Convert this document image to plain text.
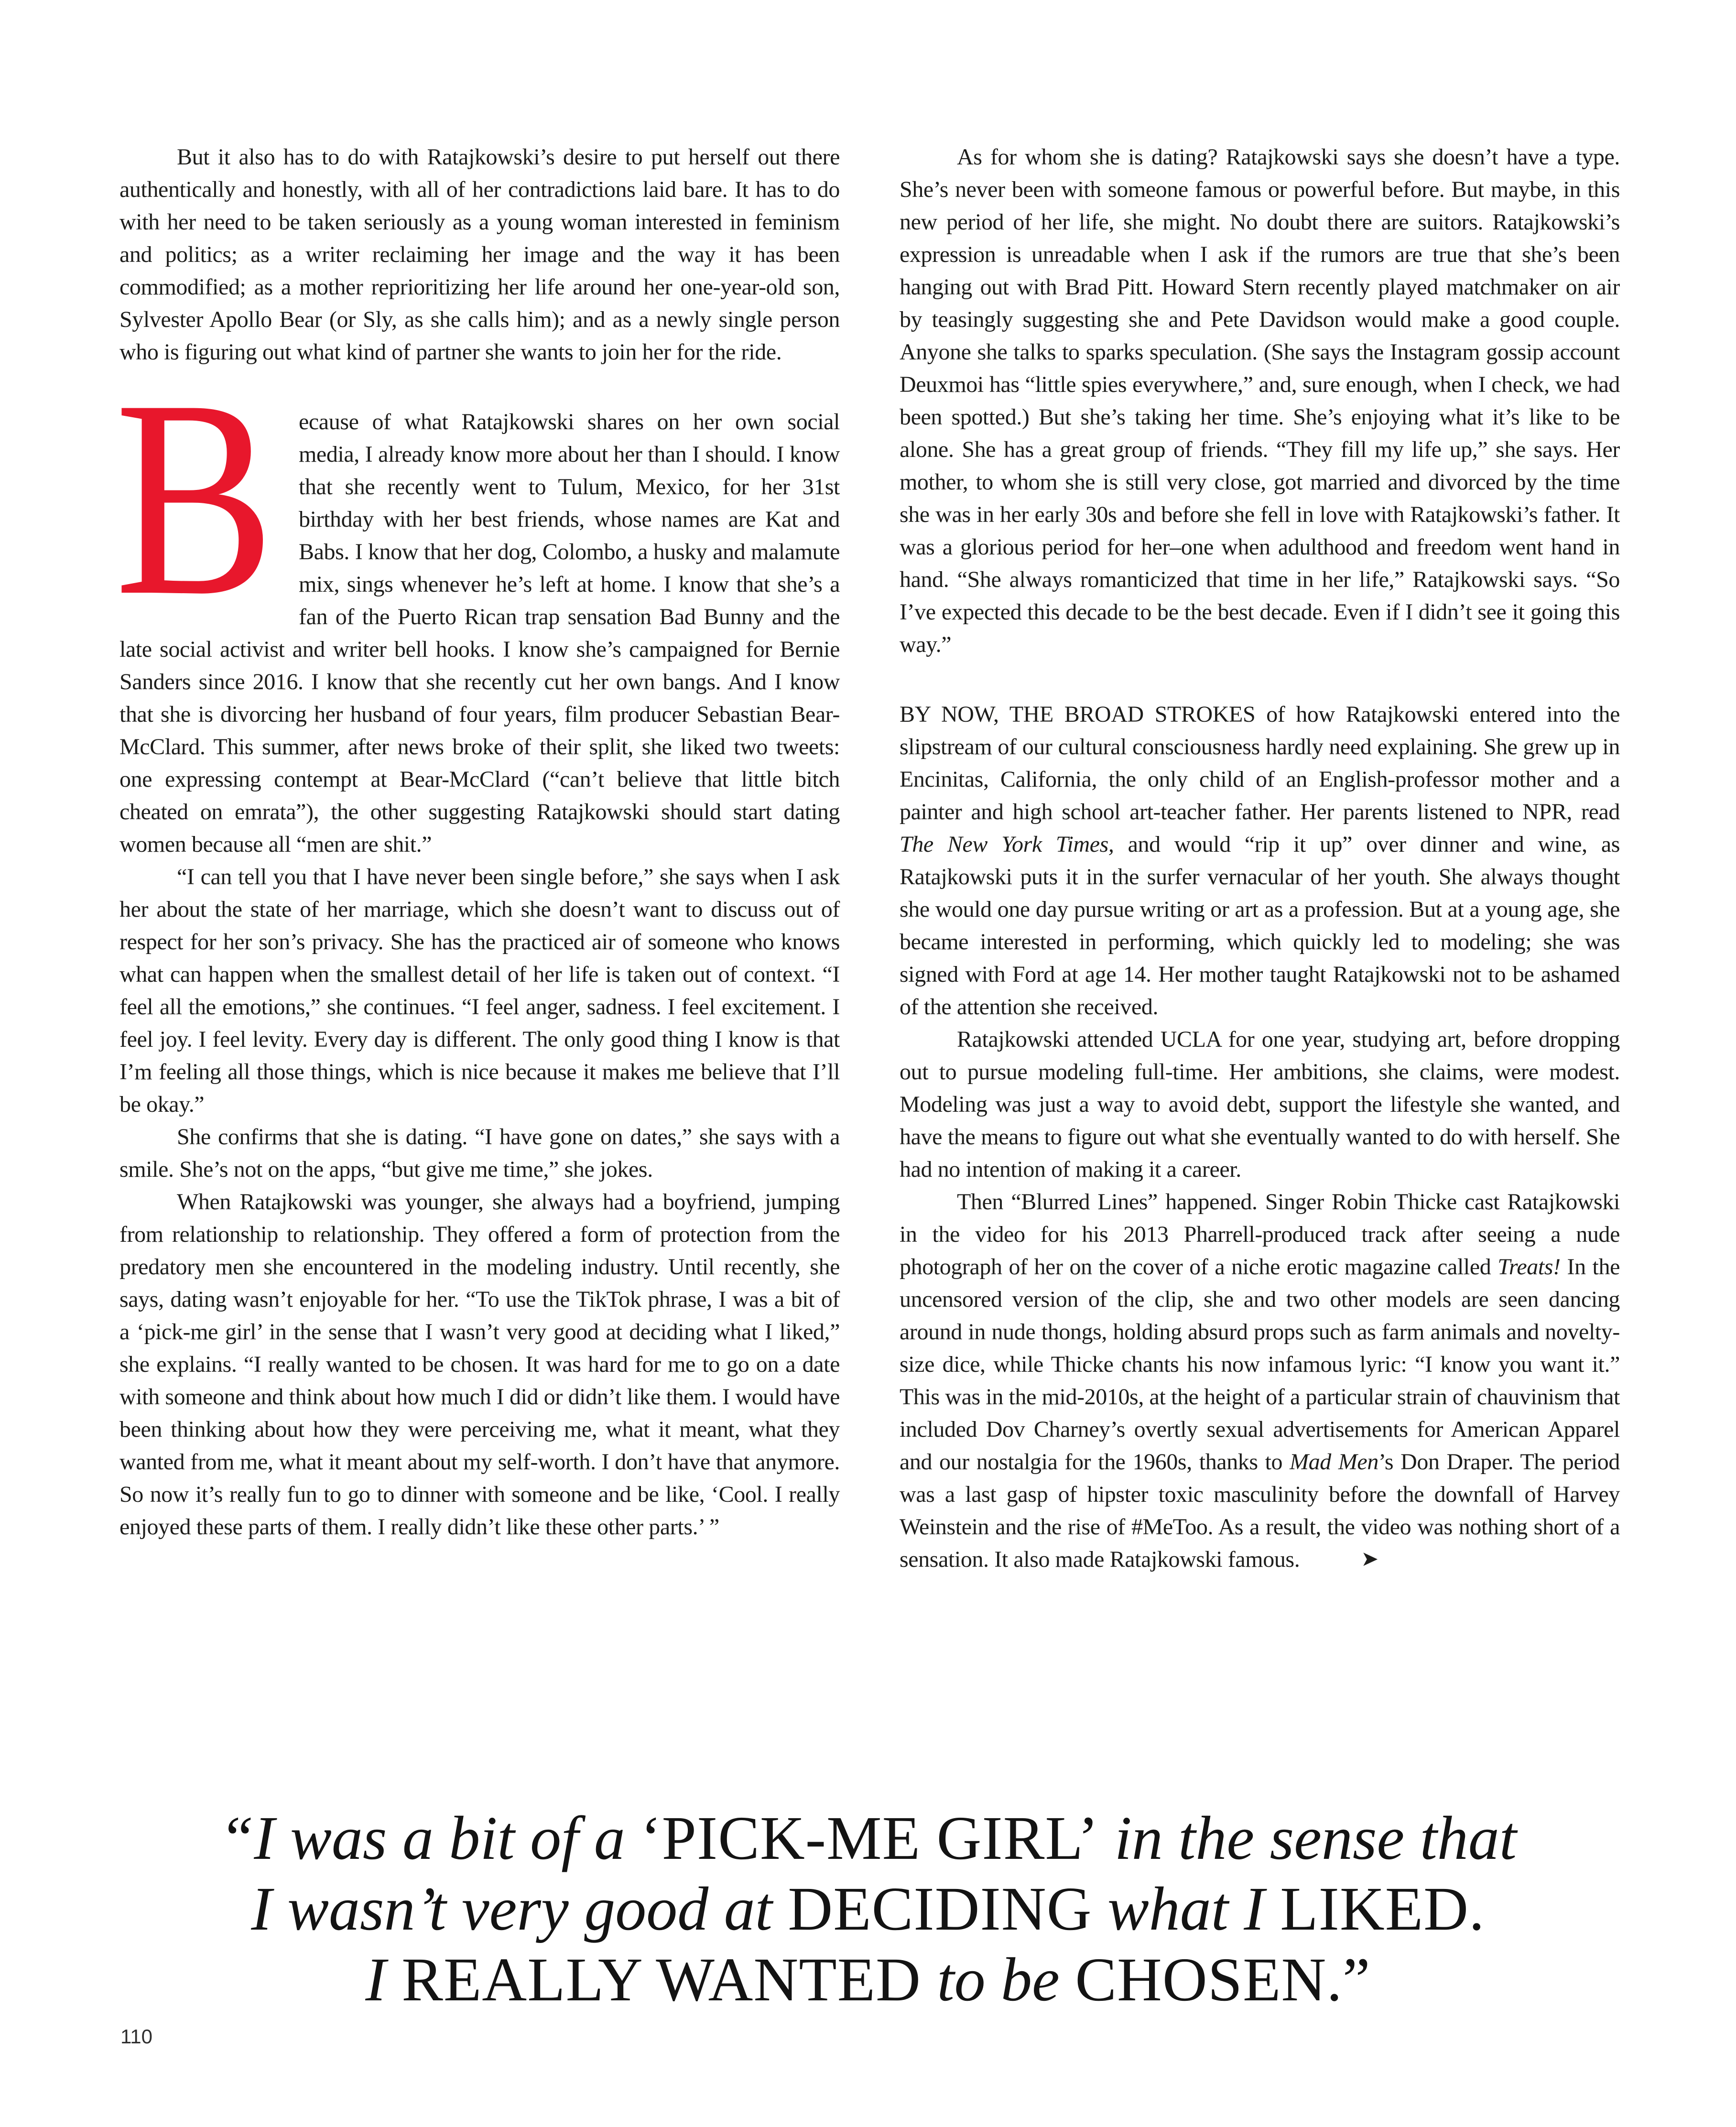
But it also has to do with Ratajkowski’s desire to put herself out there authentically and honestly, with all of her contradictions laid bare. It has to do with her need to be taken seriously as a young woman interested in feminism and politics; as a writer reclaiming her image and the way it has been commodified; as a mother reprioritizing her life around her one-year-old son, Sylvester Apollo Bear (or Sly, as she calls him); and as a newly single person who is figuring out what kind of partner she wants to join her for the ride.

B ecause of what Ratajkowski shares on her own social media, I already know more about her than I should. I know that she recently went to Tulum, Mexico, for her 31st birthday with her best friends, whose names are Kat and Babs. I know that her dog, Colombo, a husky and malamute mix, sings whenever he’s left at home. I know that she’s a fan of the Puerto Rican trap sensation Bad Bunny and the late social activist and writer bell hooks. I know she’s campaigned for Bernie Sanders since 2016. I know that she recently cut her own bangs. And I know that she is divorcing her husband of four years, film producer Sebastian Bear-McClard. This summer, after news broke of their split, she liked two tweets: one expressing contempt at Bear-McClard (“can’t believe that little bitch cheated on emrata”), the other suggesting Ratajkowski should start dating women because all “men are shit.”

“I can tell you that I have never been single before,” she says when I ask her about the state of her marriage, which she doesn’t want to discuss out of respect for her son’s privacy. She has the practiced air of someone who knows what can happen when the smallest detail of her life is taken out of context. “I feel all the emotions,” she continues. “I feel anger, sadness. I feel excitement. I feel joy. I feel levity. Every day is different. The only good thing I know is that I’m feeling all those things, which is nice because it makes me believe that I’ll be okay.”

She confirms that she is dating. “I have gone on dates,” she says with a smile. She’s not on the apps, “but give me time,” she jokes.

When Ratajkowski was younger, she always had a boyfriend, jumping from relationship to relationship. They offered a form of protection from the predatory men she encountered in the modeling industry. Until recently, she says, dating wasn’t enjoyable for her. “To use the TikTok phrase, I was a bit of a ‘pick-me girl’ in the sense that I wasn’t very good at deciding what I liked,” she explains. “I really wanted to be chosen. It was hard for me to go on a date with someone and think about how much I did or didn’t like them. I would have been thinking about how they were perceiving me, what it meant, what they wanted from me, what it meant about my self-worth. I don’t have that anymore. So now it’s really fun to go to dinner with someone and be like, ‘Cool. I really enjoyed these parts of them. I really didn’t like these other parts.’ ”

As for whom she is dating? Ratajkowski says she doesn’t have a type. She’s never been with someone famous or powerful before. But maybe, in this new period of her life, she might. No doubt there are suitors. Ratajkowski’s expression is unreadable when I ask if the rumors are true that she’s been hanging out with Brad Pitt. Howard Stern recently played matchmaker on air by teasingly suggesting she and Pete Davidson would make a good couple. Anyone she talks to sparks speculation. (She says the Instagram gossip account Deuxmoi has “little spies everywhere,” and, sure enough, when I check, we had been spotted.) But she’s taking her time. She’s enjoying what it’s like to be alone. She has a great group of friends. “They fill my life up,” she says. Her mother, to whom she is still very close, got married and divorced by the time she was in her early 30s and before she fell in love with Ratajkowski’s father. It was a glorious period for her–one when adulthood and freedom went hand in hand. “She always romanticized that time in her life,” Ratajkowski says. “So I’ve expected this decade to be the best decade. Even if I didn’t see it going this way.”

BY NOW, THE BROAD STROKES of how Ratajkowski entered into the slipstream of our cultural consciousness hardly need explaining. She grew up in Encinitas, California, the only child of an English-professor mother and a painter and high school art-teacher father. Her parents listened to NPR, read The New York Times, and would “rip it up” over dinner and wine, as Ratajkowski puts it in the surfer vernacular of her youth. She always thought she would one day pursue writing or art as a profession. But at a young age, she became interested in performing, which quickly led to modeling; she was signed with Ford at age 14. Her mother taught Ratajkowski not to be ashamed of the attention she received.

Ratajkowski attended UCLA for one year, studying art, before dropping out to pursue modeling full-time. Her ambitions, she claims, were modest. Modeling was just a way to avoid debt, support the lifestyle she wanted, and have the means to figure out what she eventually wanted to do with herself. She had no intention of making it a career.

Then “Blurred Lines” happened. Singer Robin Thicke cast Ratajkowski in the video for his 2013 Pharrell-produced track after seeing a nude photograph of her on the cover of a niche erotic magazine called Treats! In the uncensored version of the clip, she and two other models are seen dancing around in nude thongs, holding absurd props such as farm animals and novelty-size dice, while Thicke chants his now infamous lyric: “I know you want it.” This was in the mid-2010s, at the height of a particular strain of chauvinism that included Dov Charney’s overtly sexual advertisements for American Apparel and our nostalgia for the 1960s, thanks to Mad Men’s Don Draper. The period was a last gasp of hipster toxic masculinity before the downfall of Harvey Weinstein and the rise of #MeToo. As a result, the video was nothing short of a sensation. It also made Ratajkowski famous.	➤

“I was a bit of a ‘PICK-ME GIRL’ in the sense that
I wasn’t very good at DECIDING what I LIKED.
I REALLY WANTED to be CHOSEN.”
110
